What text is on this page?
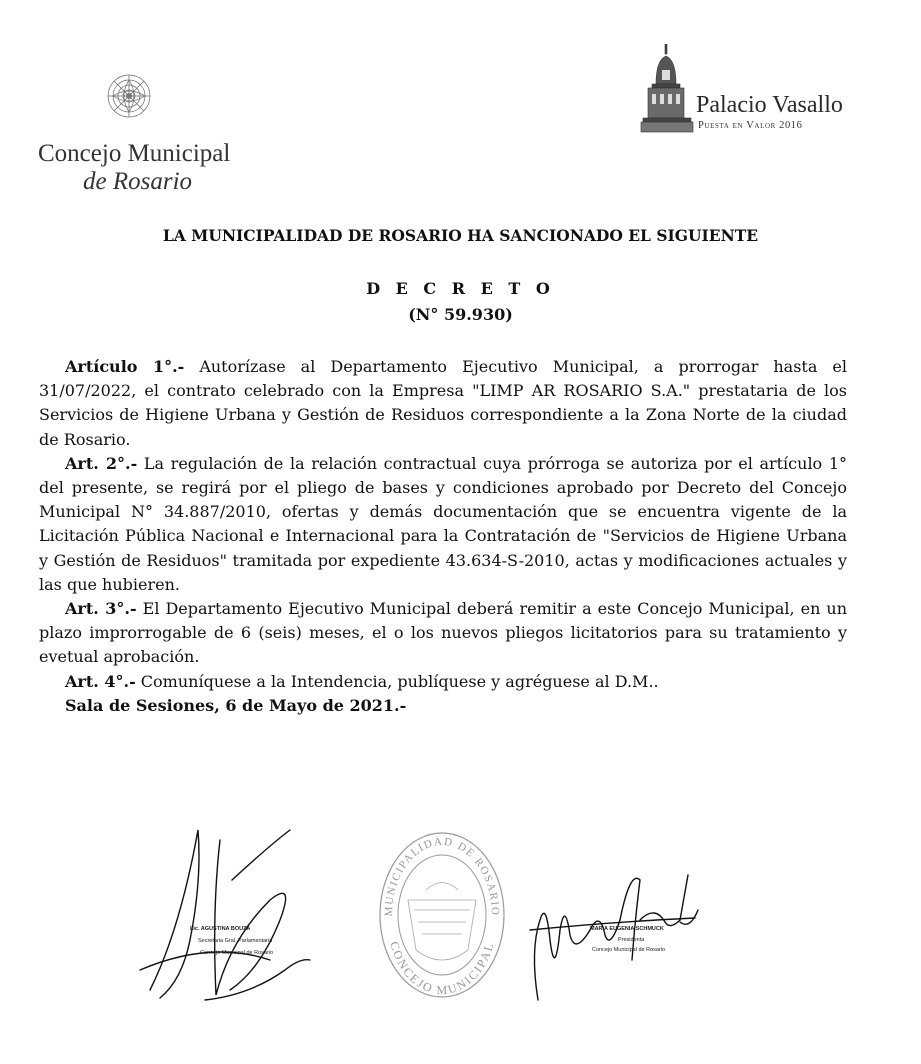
Concejo Municipal
de Rosario
Palacio Vasallo
Puesta en Valor 2016
LA MUNICIPALIDAD DE ROSARIO HA SANCIONADO EL SIGUIENTE
D E C R E T O
(N° 59.930)

Artículo 1°.- Autorízase al Departamento Ejecutivo Municipal, a prorrogar hasta el 31/07/2022, el contrato celebrado con la Empresa "LIMP AR ROSARIO S.A." prestataria de los Servicios de Higiene Urbana y Gestión de Residuos correspondiente a la Zona Norte de la ciudad de Rosario.

Art. 2°.- La regulación de la relación contractual cuya prórroga se autoriza por el artículo 1° del presente, se regirá por el pliego de bases y condiciones aprobado por Decreto del Concejo Municipal N° 34.887/2010, ofertas y demás documentación que se encuentra vigente de la Licitación Pública Nacional e Internacional para la Contratación de "Servicios de Higiene Urbana y Gestión de Residuos" tramitada por expediente 43.634-S-2010, actas y modificaciones actuales y las que hubieren.

Art. 3°.- El Departamento Ejecutivo Municipal deberá remitir a este Concejo Municipal, en un plazo improrrogable de 6 (seis) meses, el o los nuevos pliegos licitatorios para su tratamiento y evetual aprobación.

Art. 4°.- Comuníquese a la Intendencia, publíquese y agréguese al D.M..

Sala de Sesiones, 6 de Mayo de 2021.-

Lic. AGUSTINA BOUZA
Secretaria Gral. Parlamentaria
Concejo Municipal de Rosario
MUNICIPALIDAD DE ROSARIO
CONCEJO MUNICIPAL
MARIA EUGENIA SCHMUCK
Presidenta
Concejo Municipal de Rosario
